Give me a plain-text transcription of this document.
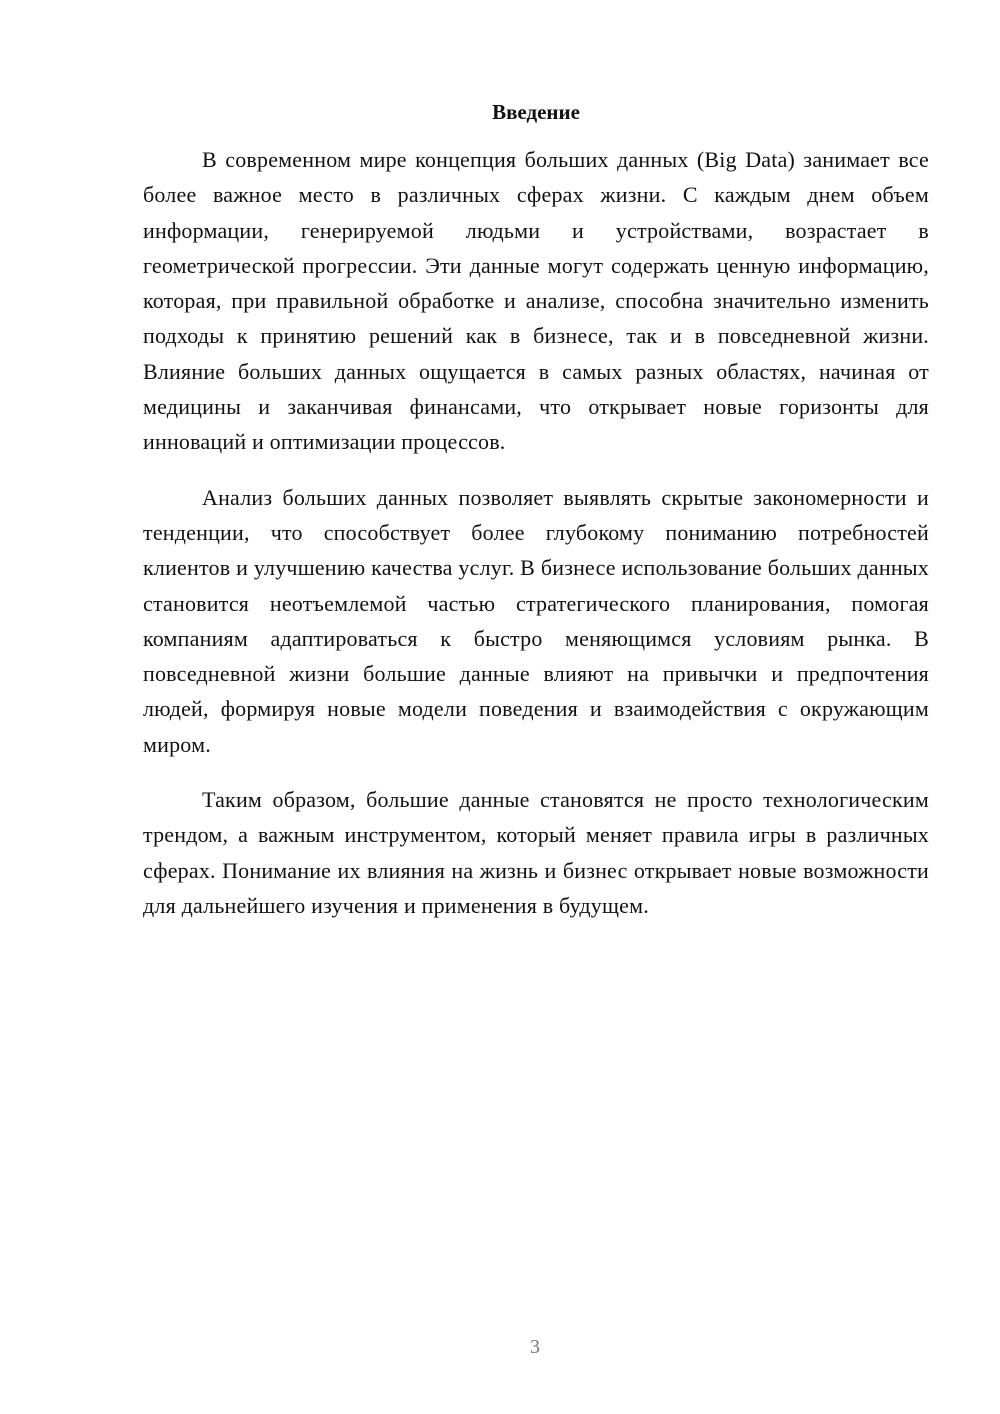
Введение

В современном мире концепция больших данных (Big Data) занимает все более важное место в различных сферах жизни. С каждым днем объем информации, генерируемой людьми и устройствами, возрастает в геометрической прогрессии. Эти данные могут содержать ценную информацию, которая, при правильной обработке и анализе, способна значительно изменить подходы к принятию решений как в бизнесе, так и в повседневной жизни. Влияние больших данных ощущается в самых разных областях, начиная от медицины и заканчивая финансами, что открывает новые горизонты для инноваций и оптимизации процессов.

Анализ больших данных позволяет выявлять скрытые закономерности и тенденции, что способствует более глубокому пониманию потребностей клиентов и улучшению качества услуг. В бизнесе использование больших данных становится неотъемлемой частью стратегического планирования, помогая компаниям адаптироваться к быстро меняющимся условиям рынка. В повседневной жизни большие данные влияют на привычки и предпочтения людей, формируя новые модели поведения и взаимодействия с окружающим миром.

Таким образом, большие данные становятся не просто технологическим трендом, а важным инструментом, который меняет правила игры в различных сферах. Понимание их влияния на жизнь и бизнес открывает новые возможности для дальнейшего изучения и применения в будущем.

3
